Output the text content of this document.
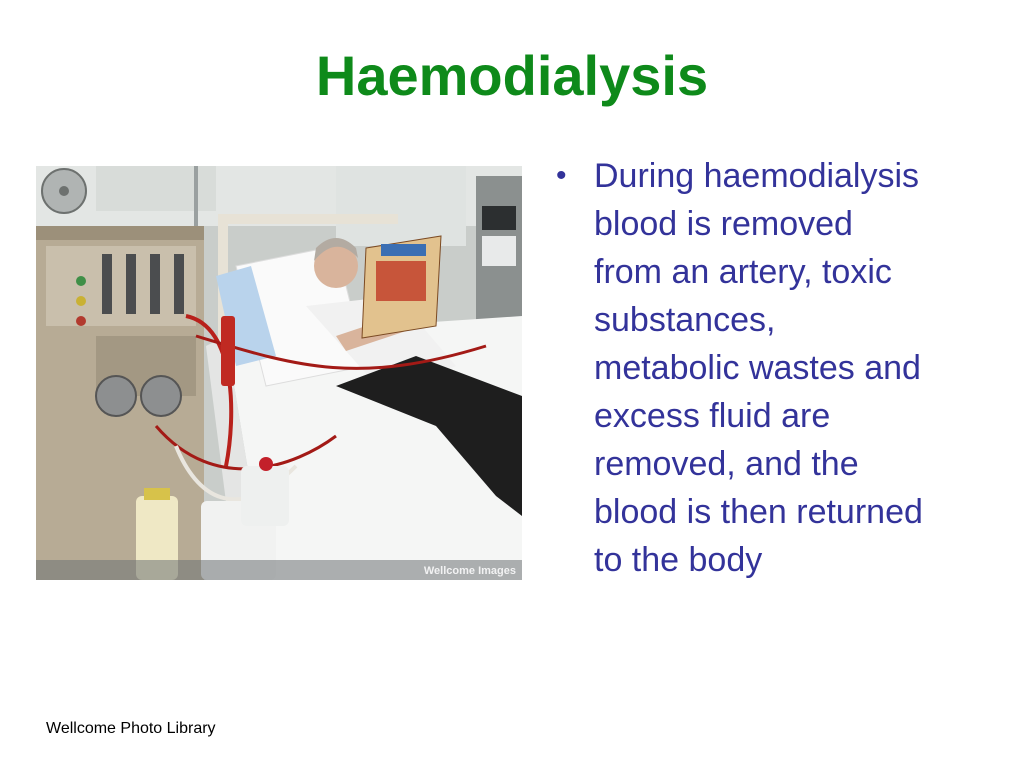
Haemodialysis
Wellcome Images
• During haemodialysis
blood is removed
from an artery, toxic
substances,
metabolic wastes and
excess fluid are
removed, and the
blood is then returned
to the body
Wellcome Photo Library
